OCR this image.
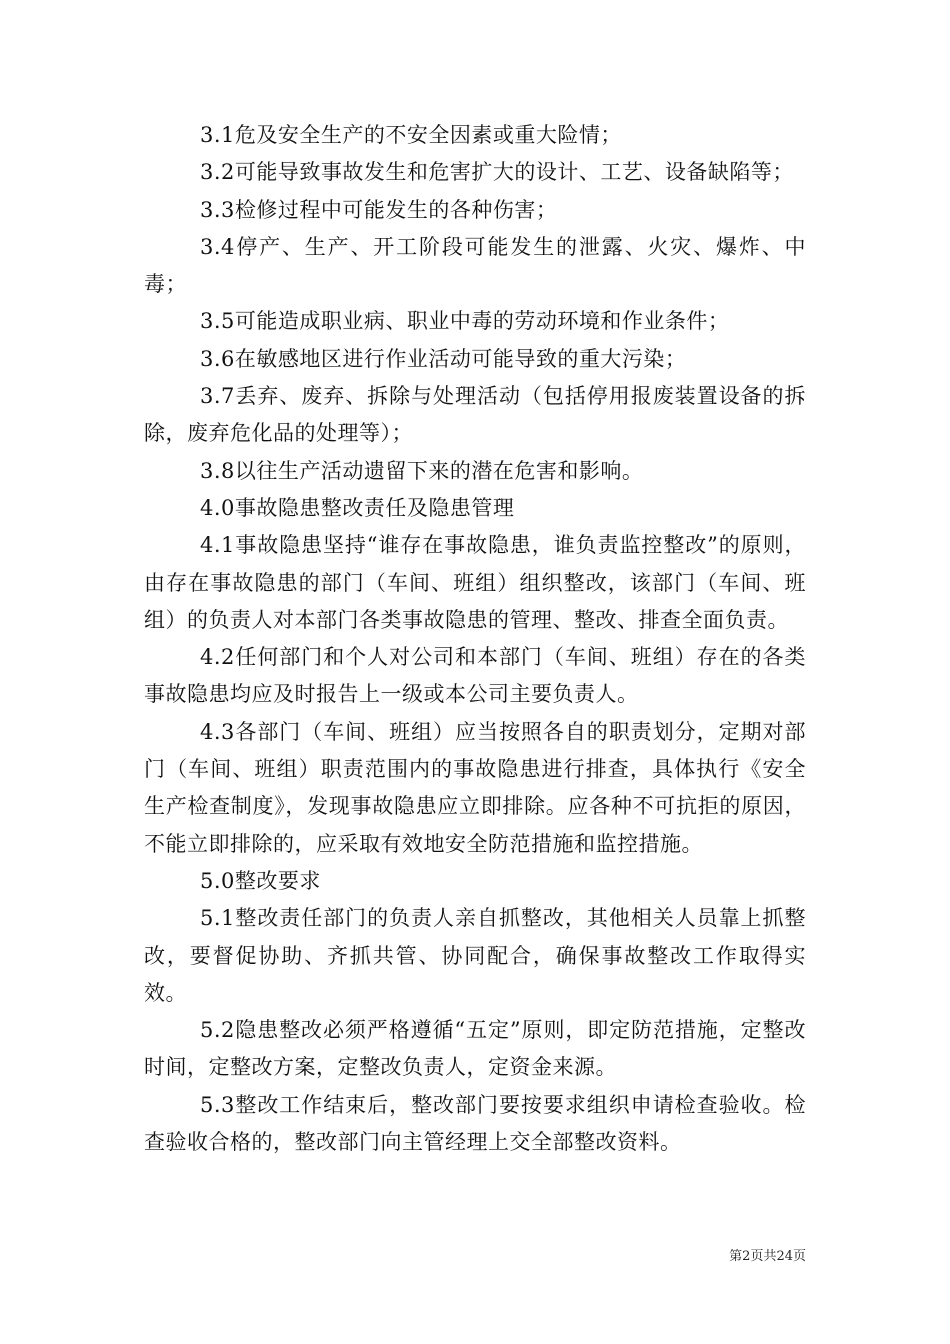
3.1危及安全生产的不安全因素或重大险情；

3.2可能导致事故发生和危害扩大的设计、工艺、设备缺陷等；

3.3检修过程中可能发生的各种伤害；

3.4停产、生产、开工阶段可能发生的泄露、火灾、爆炸、中毒；

3.5可能造成职业病、职业中毒的劳动环境和作业条件；

3.6在敏感地区进行作业活动可能导致的重大污染；

3.7丢弃、废弃、拆除与处理活动（包括停用报废装置设备的拆除，废弃危化品的处理等）；

3.8以往生产活动遗留下来的潜在危害和影响。

4.0事故隐患整改责任及隐患管理

4.1事故隐患坚持“谁存在事故隐患，谁负责监控整改”的原则，由存在事故隐患的部门（车间、班组）组织整改，该部门（车间、班组）的负责人对本部门各类事故隐患的管理、整改、排查全面负责。

4.2任何部门和个人对公司和本部门（车间、班组）存在的各类事故隐患均应及时报告上一级或本公司主要负责人。

4.3各部门（车间、班组）应当按照各自的职责划分，定期对部门（车间、班组）职责范围内的事故隐患进行排查，具体执行《安全生产检查制度》，发现事故隐患应立即排除。应各种不可抗拒的原因，不能立即排除的，应采取有效地安全防范措施和监控措施。

5.0整改要求

5.1整改责任部门的负责人亲自抓整改，其他相关人员靠上抓整改，要督促协助、齐抓共管、协同配合，确保事故整改工作取得实效。

5.2隐患整改必须严格遵循“五定”原则，即定防范措施，定整改时间，定整改方案，定整改负责人，定资金来源。

5.3整改工作结束后，整改部门要按要求组织申请检查验收。检查验收合格的，整改部门向主管经理上交全部整改资料。

第2页共24页
